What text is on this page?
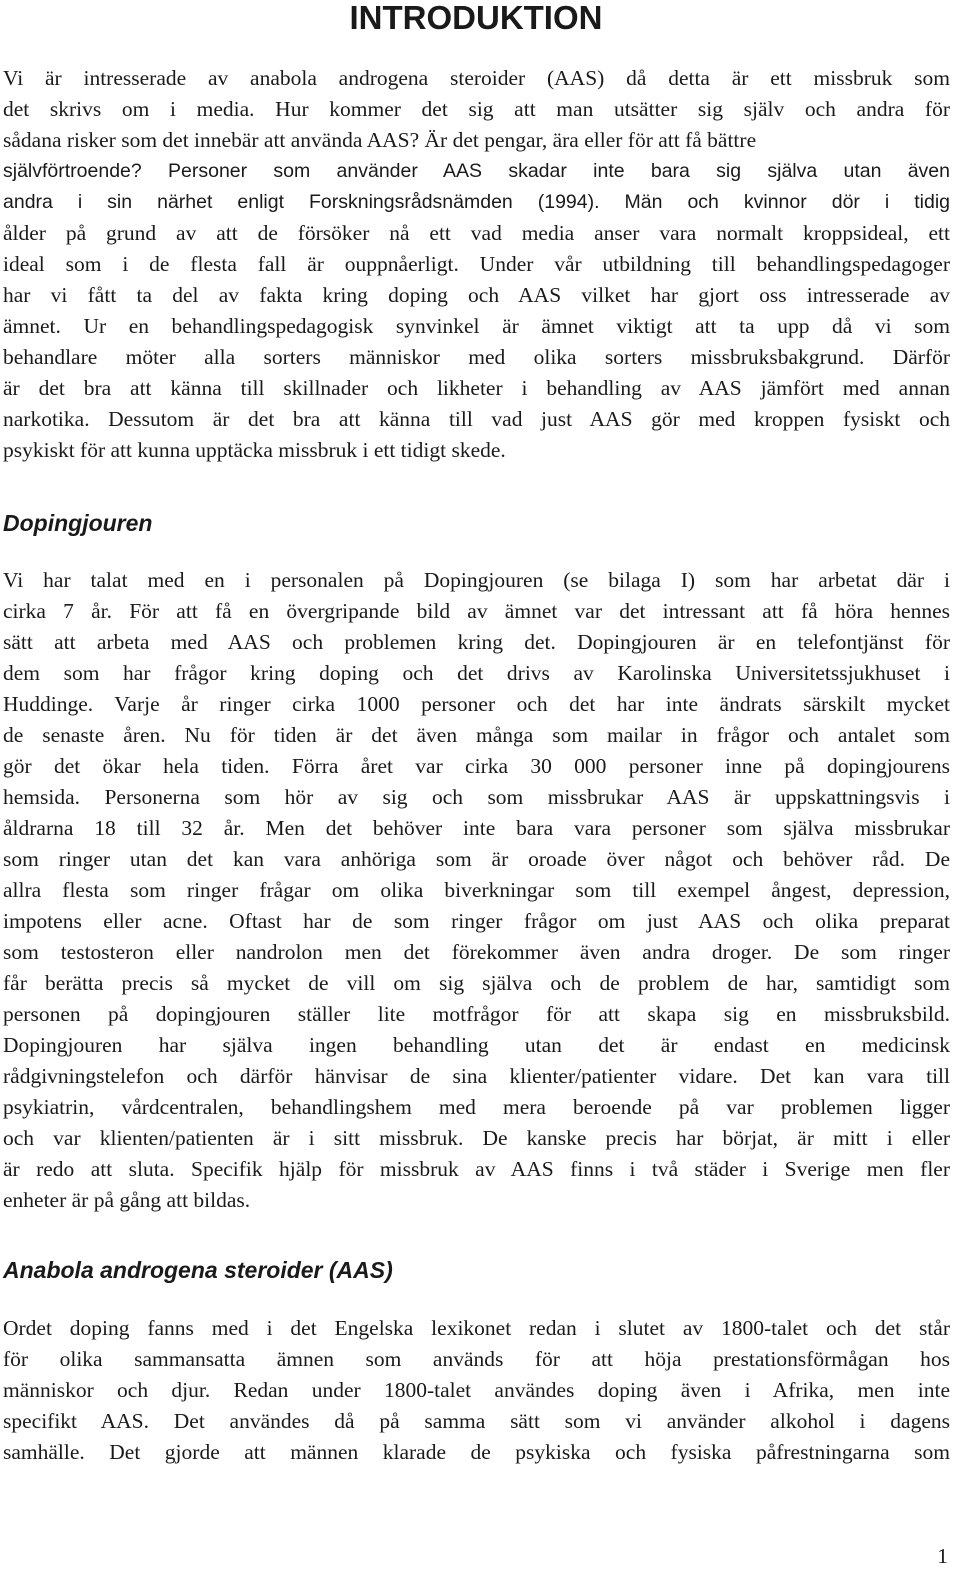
INTRODUKTION

Vi är intresserade av anabola androgena steroider (AAS) då detta är ett missbruk som
det skrivs om i media. Hur kommer det sig att man utsätter sig själv och andra för
sådana risker som det innebär att använda AAS? Är det pengar, ära eller för att få bättre
självförtroende? Personer som använder AAS skadar inte bara sig själva utan även
andra i sin närhet enligt Forskningsrådsnämden (1994). Män och kvinnor dör i tidig
ålder på grund av att de försöker nå ett vad media anser vara normalt kroppsideal, ett
ideal som i de flesta fall är ouppnåerligt. Under vår utbildning till behandlingspedagoger
har vi fått ta del av fakta kring doping och AAS vilket har gjort oss intresserade av
ämnet. Ur en behandlingspedagogisk synvinkel är ämnet viktigt att ta upp då vi som
behandlare möter alla sorters människor med olika sorters missbruksbakgrund. Därför
är det bra att känna till skillnader och likheter i behandling av AAS jämfört med annan
narkotika. Dessutom är det bra att känna till vad just AAS gör med kroppen fysiskt och
psykiskt för att kunna upptäcka missbruk i ett tidigt skede.

Dopingjouren

Vi har talat med en i personalen på Dopingjouren (se bilaga I) som har arbetat där i
cirka 7 år. För att få en övergripande bild av ämnet var det intressant att få höra hennes
sätt att arbeta med AAS och problemen kring det. Dopingjouren är en telefontjänst för
dem som har frågor kring doping och det drivs av Karolinska Universitetssjukhuset i
Huddinge. Varje år ringer cirka 1000 personer och det har inte ändrats särskilt mycket
de senaste åren. Nu för tiden är det även många som mailar in frågor och antalet som
gör det ökar hela tiden. Förra året var cirka 30 000 personer inne på dopingjourens
hemsida. Personerna som hör av sig och som missbrukar AAS är uppskattningsvis i
åldrarna 18 till 32 år. Men det behöver inte bara vara personer som själva missbrukar
som ringer utan det kan vara anhöriga som är oroade över något och behöver råd. De
allra flesta som ringer frågar om olika biverkningar som till exempel ångest, depression,
impotens eller acne. Oftast har de som ringer frågor om just AAS och olika preparat
som testosteron eller nandrolon men det förekommer även andra droger. De som ringer
får berätta precis så mycket de vill om sig själva och de problem de har, samtidigt som
personen på dopingjouren ställer lite motfrågor för att skapa sig en missbruksbild.
Dopingjouren har själva ingen behandling utan det är endast en medicinsk
rådgivningstelefon och därför hänvisar de sina klienter/patienter vidare. Det kan vara till
psykiatrin, vårdcentralen, behandlingshem med mera beroende på var problemen ligger
och var klienten/patienten är i sitt missbruk. De kanske precis har börjat, är mitt i eller
är redo att sluta. Specifik hjälp för missbruk av AAS finns i två städer i Sverige men fler
enheter är på gång att bildas.

Anabola androgena steroider (AAS)

Ordet doping fanns med i det Engelska lexikonet redan i slutet av 1800-talet och det står
för olika sammansatta ämnen som används för att höja prestationsförmågan hos
människor och djur. Redan under 1800-talet användes doping även i Afrika, men inte
specifikt AAS. Det användes då på samma sätt som vi använder alkohol i dagens
samhälle. Det gjorde att männen klarade de psykiska och fysiska påfrestningarna som

1
